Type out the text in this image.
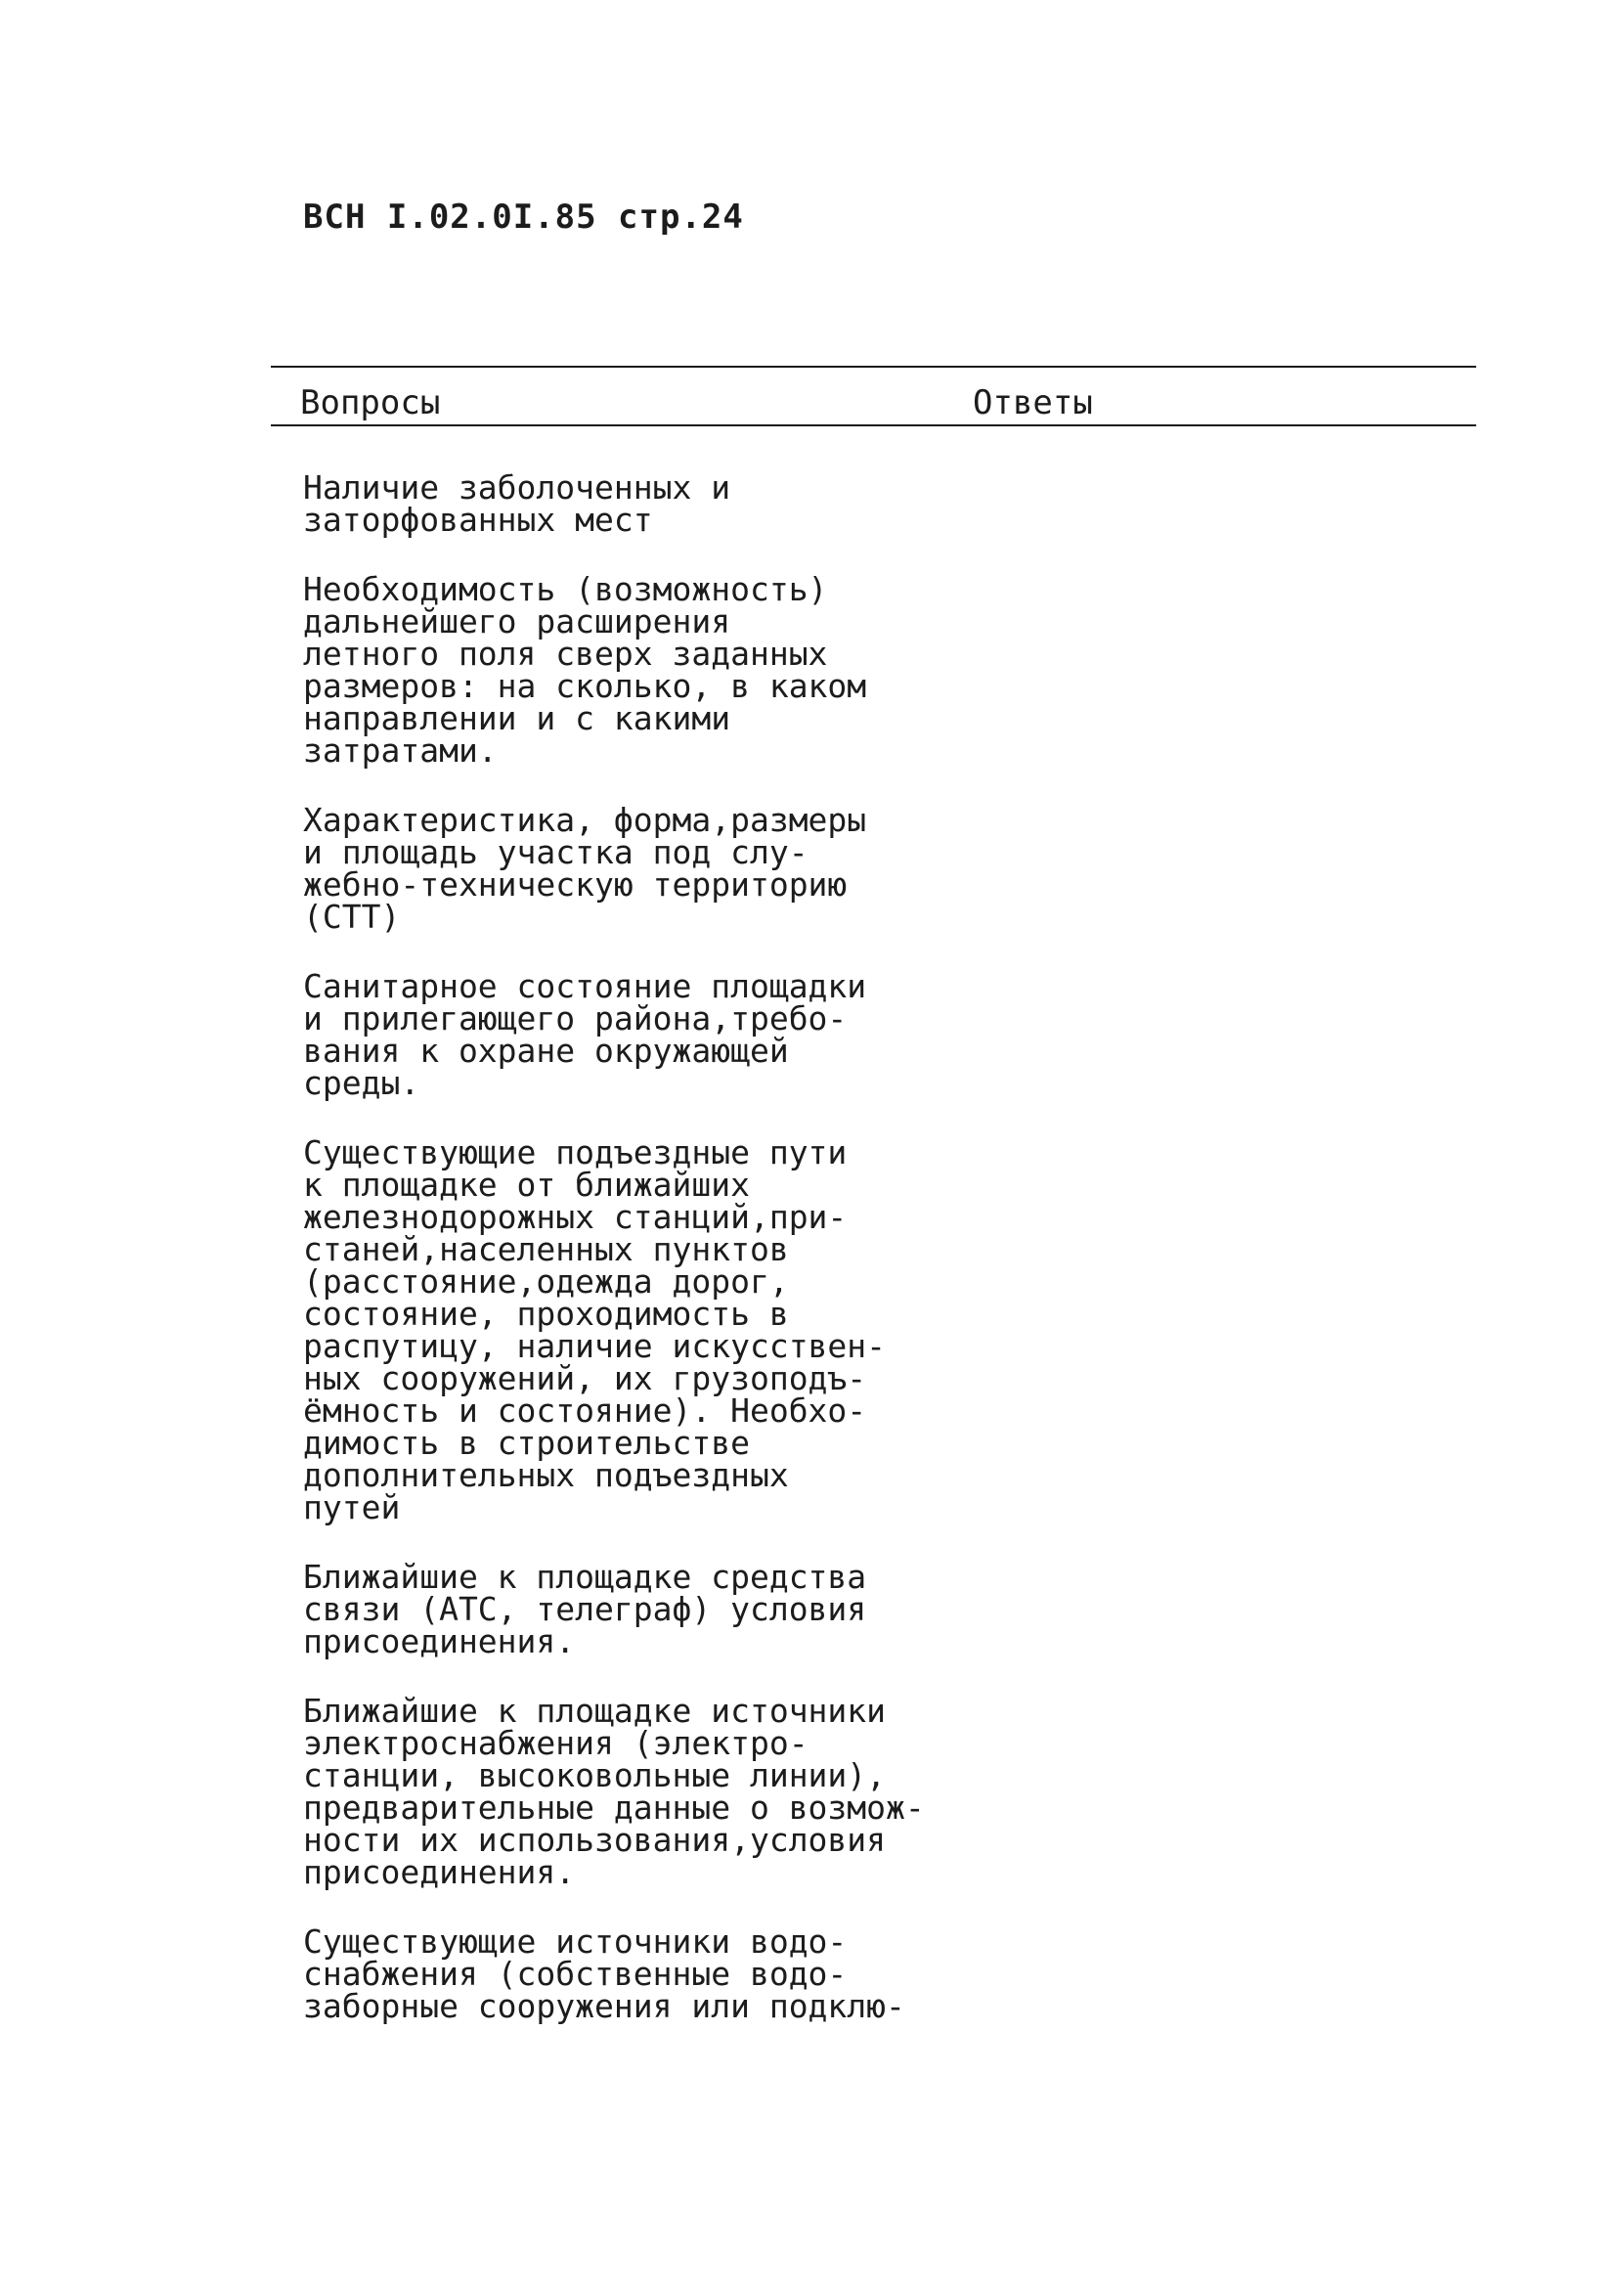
ВСН I.02.0I.85 стр.24
Вопросы	Ответы

Наличие заболоченных и
заторфованных мест

Необходимость (возможность)
дальнейшего расширения
летного поля сверх заданных
размеров: на сколько, в каком
направлении и с какими
затратами.

Характеристика, форма,размеры
и площадь участка под слу-
жебно-техническую территорию
(СТТ)

Санитарное состояние площадки
и прилегающего района,требо-
вания к охране окружающей
среды.

Существующие подъездные пути
к площадке от ближайших
железнодорожных станций,при-
станей,населенных пунктов
(расстояние,одежда дорог,
состояние, проходимость в
распутицу, наличие искусствен-
ных сооружений, их грузоподъ-
ёмность и состояние). Необхо-
димость в строительстве
дополнительных подъездных
путей

Ближайшие к площадке средства
связи (АТС, телеграф) условия
присоединения.

Ближайшие к площадке источники
электроснабжения (электро-
станции, высоковольные линии),
предварительные данные о возмож-
ности их использования,условия
присоединения.

Существующие источники водо-
снабжения (собственные водо-
заборные сооружения или подклю-
